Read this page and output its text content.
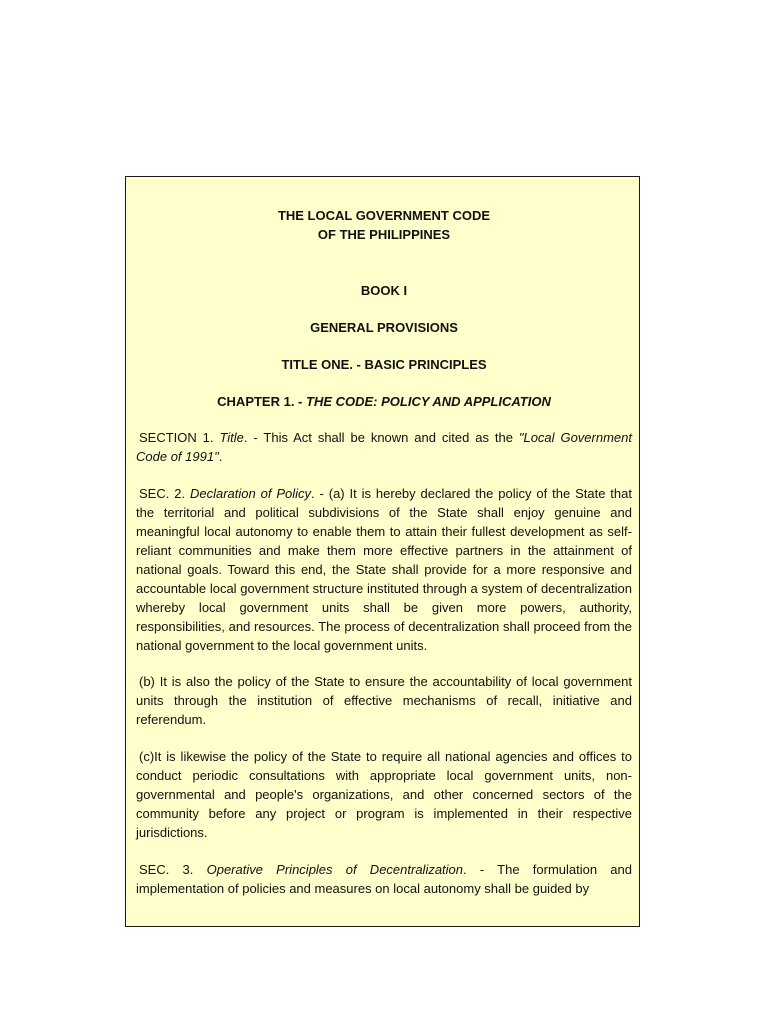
THE LOCAL GOVERNMENT CODE
OF THE PHILIPPINES

BOOK I

GENERAL PROVISIONS

TITLE ONE. - BASIC PRINCIPLES

CHAPTER 1. - THE CODE: POLICY AND APPLICATION

SECTION 1. Title. - This Act shall be known and cited as the "Local Government Code of 1991".

SEC. 2. Declaration of Policy. - (a) It is hereby declared the policy of the State that the territorial and political subdivisions of the State shall enjoy genuine and meaningful local autonomy to enable them to attain their fullest development as self-reliant communities and make them more effective partners in the attainment of national goals. Toward this end, the State shall provide for a more responsive and accountable local government structure instituted through a system of decentralization whereby local government units shall be given more powers, authority, responsibilities, and resources. The process of decentralization shall proceed from the national government to the local government units.

(b) It is also the policy of the State to ensure the accountability of local government units through the institution of effective mechanisms of recall, initiative and referendum.

(c)It is likewise the policy of the State to require all national agencies and offices to conduct periodic consultations with appropriate local government units, non-governmental and people's organizations, and other concerned sectors of the community before any project or program is implemented in their respective jurisdictions.

SEC. 3. Operative Principles of Decentralization. - The formulation and implementation of policies and measures on local autonomy shall be guided by
